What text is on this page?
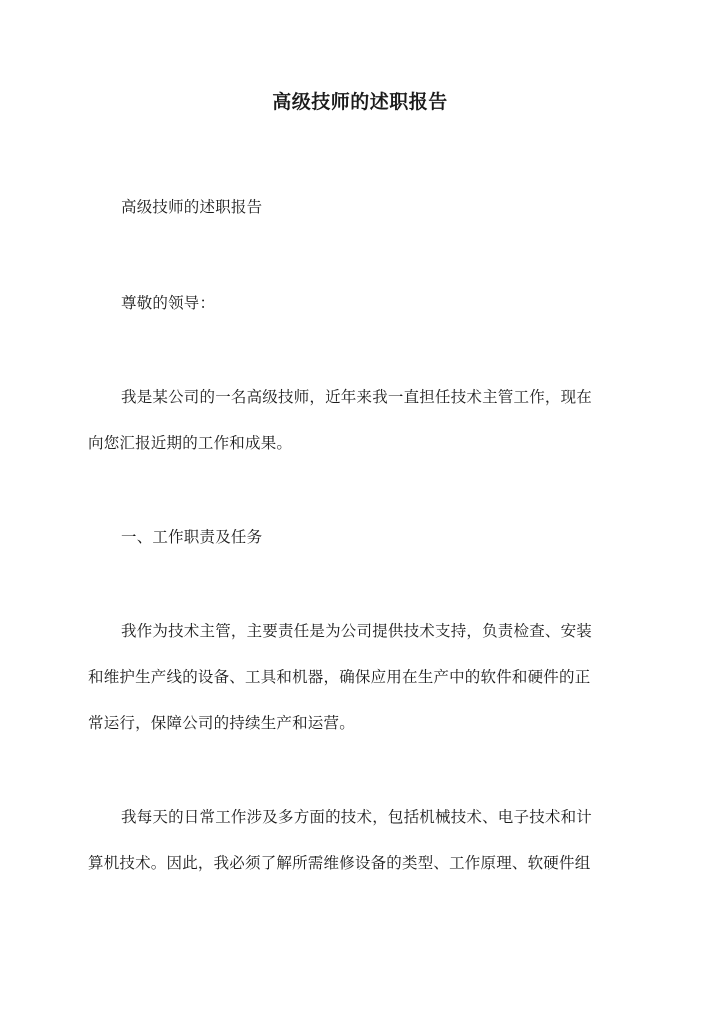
高级技师的述职报告

高级技师的述职报告

尊敬的领导：

我是某公司的一名高级技师，近年来我一直担任技术主管工作，现在
向您汇报近期的工作和成果。

一、工作职责及任务

我作为技术主管，主要责任是为公司提供技术支持，负责检查、安装
和维护生产线的设备、工具和机器，确保应用在生产中的软件和硬件的正
常运行，保障公司的持续生产和运营。

我每天的日常工作涉及多方面的技术，包括机械技术、电子技术和计
算机技术。因此，我必须了解所需维修设备的类型、工作原理、软硬件组
